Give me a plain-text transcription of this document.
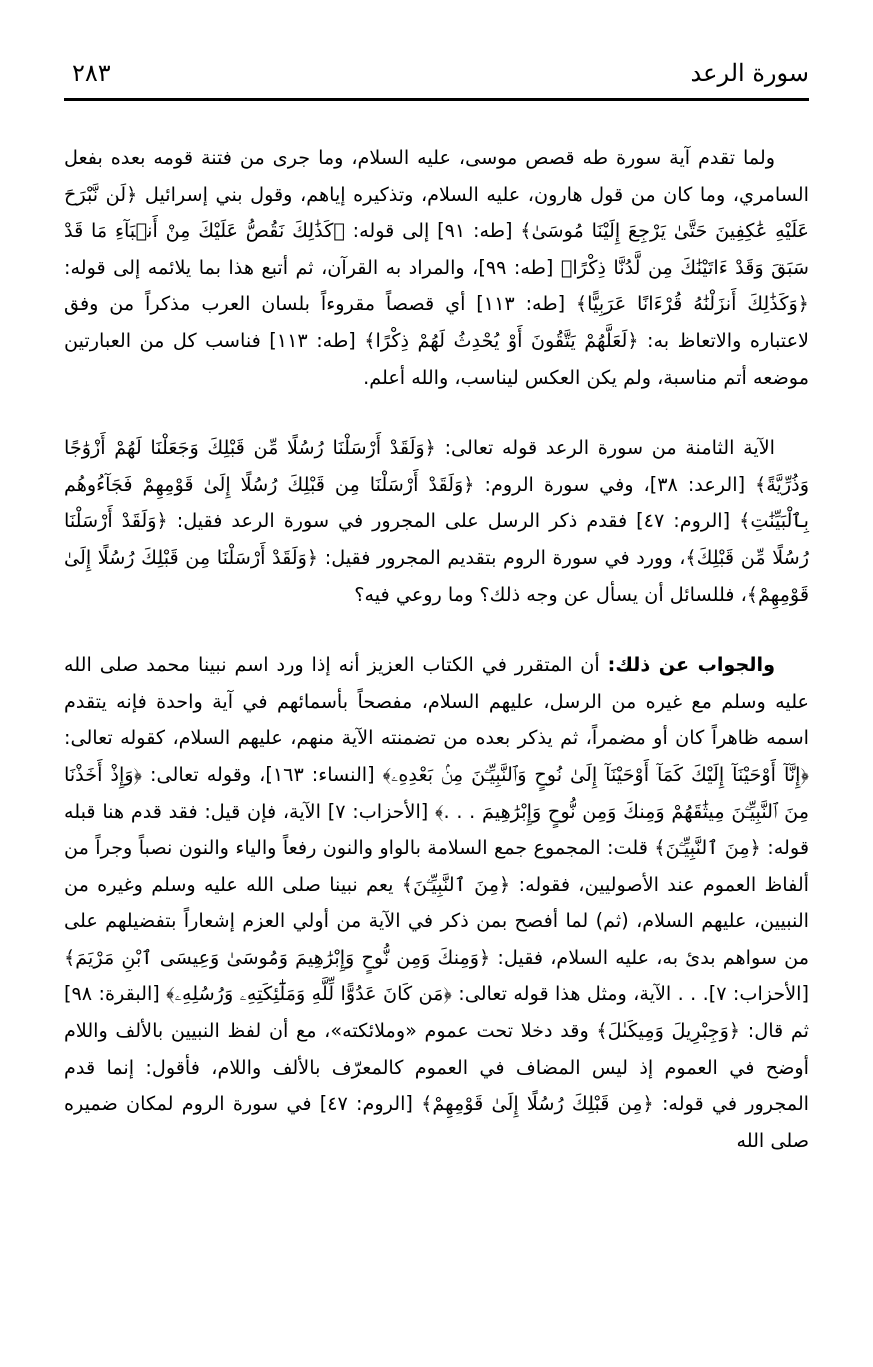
سورة الرعد
٢٨٣

ولما تقدم آية سورة طه قصص موسى، عليه السلام، وما جرى من فتنة قومه بعده بفعل السامري، وما كان من قول هارون، عليه السلام، وتذكيره إياهم، وقول بني إسرائيل ﴿لَن نَّبْرَحَ عَلَيْهِ عَٰكِفِينَ حَتَّىٰ يَرْجِعَ إِلَيْنَا مُوسَىٰ﴾ [طه: ٩١] إلى قوله: ﴿كَذَٰلِكَ نَقُصُّ عَلَيْكَ مِنْ أَنۢبَآءِ مَا قَدْ سَبَقَ وَقَدْ ءَاتَيْنَٰكَ مِن لَّدُنَّا ذِكْرًا﴾ [طه: ٩٩]، والمراد به القرآن، ثم أتبع هذا بما يلائمه إلى قوله: ﴿وَكَذَٰلِكَ أَنزَلْنَٰهُ قُرْءَانًا عَرَبِيًّا﴾ [طه: ١١٣] أي قصصاً مقروءاً بلسان العرب مذكراً من وفق لاعتباره والاتعاظ به: ﴿لَعَلَّهُمْ يَتَّقُونَ أَوْ يُحْدِثُ لَهُمْ ذِكْرًا﴾ [طه: ١١٣] فناسب كل من العبارتين موضعه أتم مناسبة، ولم يكن العكس ليناسب، والله أعلم.

الآية الثامنة من سورة الرعد قوله تعالى: ﴿وَلَقَدْ أَرْسَلْنَا رُسُلًا مِّن قَبْلِكَ وَجَعَلْنَا لَهُمْ أَزْوَٰجًا وَذُرِّيَّةً﴾ [الرعد: ٣٨]، وفي سورة الروم: ﴿وَلَقَدْ أَرْسَلْنَا مِن قَبْلِكَ رُسُلًا إِلَىٰ قَوْمِهِمْ فَجَآءُوهُم بِٱلْبَيِّنَٰتِ﴾ [الروم: ٤٧] فقدم ذكر الرسل على المجرور في سورة الرعد فقيل: ﴿وَلَقَدْ أَرْسَلْنَا رُسُلًا مِّن قَبْلِكَ﴾، وورد في سورة الروم بتقديم المجرور فقيل: ﴿وَلَقَدْ أَرْسَلْنَا مِن قَبْلِكَ رُسُلًا إِلَىٰ قَوْمِهِمْ﴾، فللسائل أن يسأل عن وجه ذلك؟ وما روعي فيه؟

والجواب عن ذلك: أن المتقرر في الكتاب العزيز أنه إذا ورد اسم نبينا محمد صلى الله عليه وسلم مع غيره من الرسل، عليهم السلام، مفصحاً بأسمائهم في آية واحدة فإنه يتقدم اسمه ظاهراً كان أو مضمراً، ثم يذكر بعده من تضمنته الآية منهم، عليهم السلام، كقوله تعالى: ﴿إِنَّآ أَوْحَيْنَآ إِلَيْكَ كَمَآ أَوْحَيْنَآ إِلَىٰ نُوحٍ وَٱلنَّبِيِّـۧنَ مِنۢ بَعْدِهِۦ﴾ [النساء: ١٦٣]، وقوله تعالى: ﴿وَإِذْ أَخَذْنَا مِنَ ٱلنَّبِيِّـۧنَ مِيثَٰقَهُمْ وَمِنكَ وَمِن نُّوحٍ وَإِبْرَٰهِيمَ . . .﴾ [الأحزاب: ٧] الآية، فإن قيل: فقد قدم هنا قبله قوله: ﴿مِنَ ٱلنَّبِيِّـۧنَ﴾ قلت: المجموع جمع السلامة بالواو والنون رفعاً والياء والنون نصباً وجراً من ألفاظ العموم عند الأصوليين، فقوله: ﴿مِنَ ٱلنَّبِيِّـۧنَ﴾ يعم نبينا صلى الله عليه وسلم وغيره من النبيين، عليهم السلام، (ثم) لما أفصح بمن ذكر في الآية من أولي العزم إشعاراً بتفضيلهم على من سواهم بدئ به، عليه السلام، فقيل: ﴿وَمِنكَ وَمِن نُّوحٍ وَإِبْرَٰهِيمَ وَمُوسَىٰ وَعِيسَى ٱبْنِ مَرْيَمَ﴾ [الأحزاب: ٧]. . . الآية، ومثل هذا قوله تعالى: ﴿مَن كَانَ عَدُوًّا لِّلَّهِ وَمَلَٰٓئِكَتِهِۦ وَرُسُلِهِۦ﴾ [البقرة: ٩٨] ثم قال: ﴿وَجِبْرِيلَ وَمِيكَىٰلَ﴾ وقد دخلا تحت عموم «وملائكته»، مع أن لفظ النبيين بالألف واللام أوضح في العموم إذ ليس المضاف في العموم كالمعرّف بالألف واللام، فأقول: إنما قدم المجرور في قوله: ﴿مِن قَبْلِكَ رُسُلًا إِلَىٰ قَوْمِهِمْ﴾ [الروم: ٤٧] في سورة الروم لمكان ضميره صلى الله
